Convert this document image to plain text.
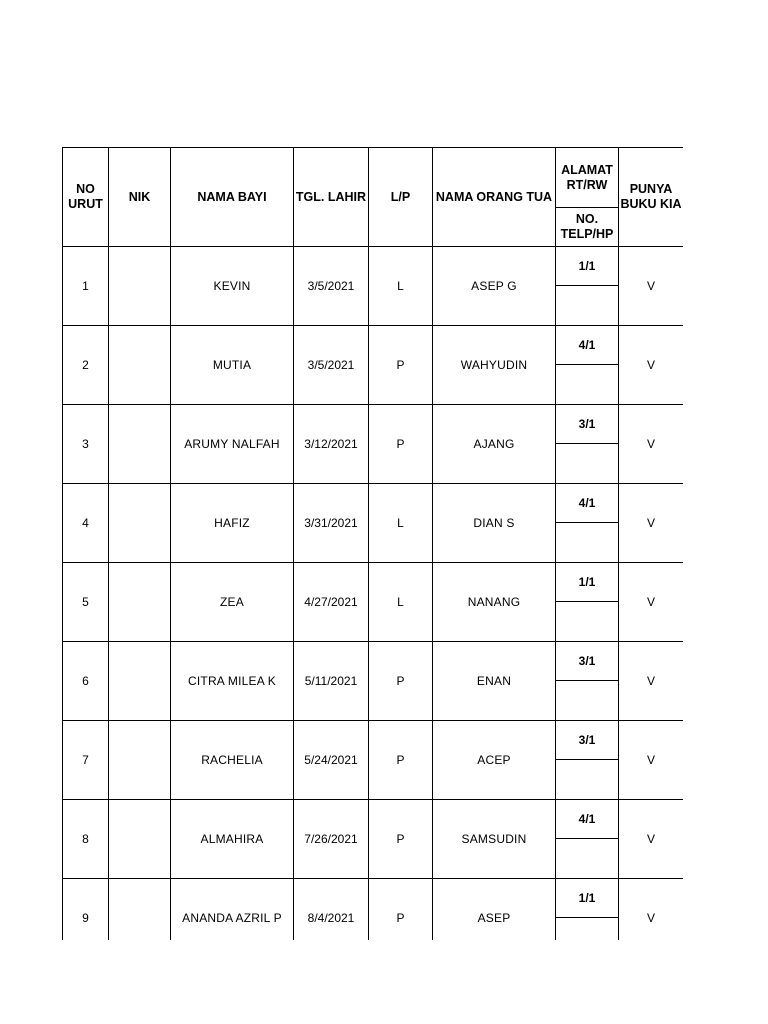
NO URUT	NIK	NAMA BAYI	TGL. LAHIR	L/P	NAMA ORANG TUA	ALAMAT RT/RW	PUNYA BUKU KIA
						NO. TELP/HP	
1		KEVIN	3/5/2021	L	ASEP G	1/1	V

2		MUTIA	3/5/2021	P	WAHYUDIN	4/1	V

3		ARUMY NALFAH	3/12/2021	P	AJANG	3/1	V

4		HAFIZ	3/31/2021	L	DIAN S	4/1	V

5		ZEA	4/27/2021	L	NANANG	1/1	V

6		CITRA MILEA K	5/11/2021	P	ENAN	3/1	V

7		RACHELIA	5/24/2021	P	ACEP	3/1	V

8		ALMAHIRA	7/26/2021	P	SAMSUDIN	4/1	V

9		ANANDA AZRIL P	8/4/2021	P	ASEP	1/1	V
